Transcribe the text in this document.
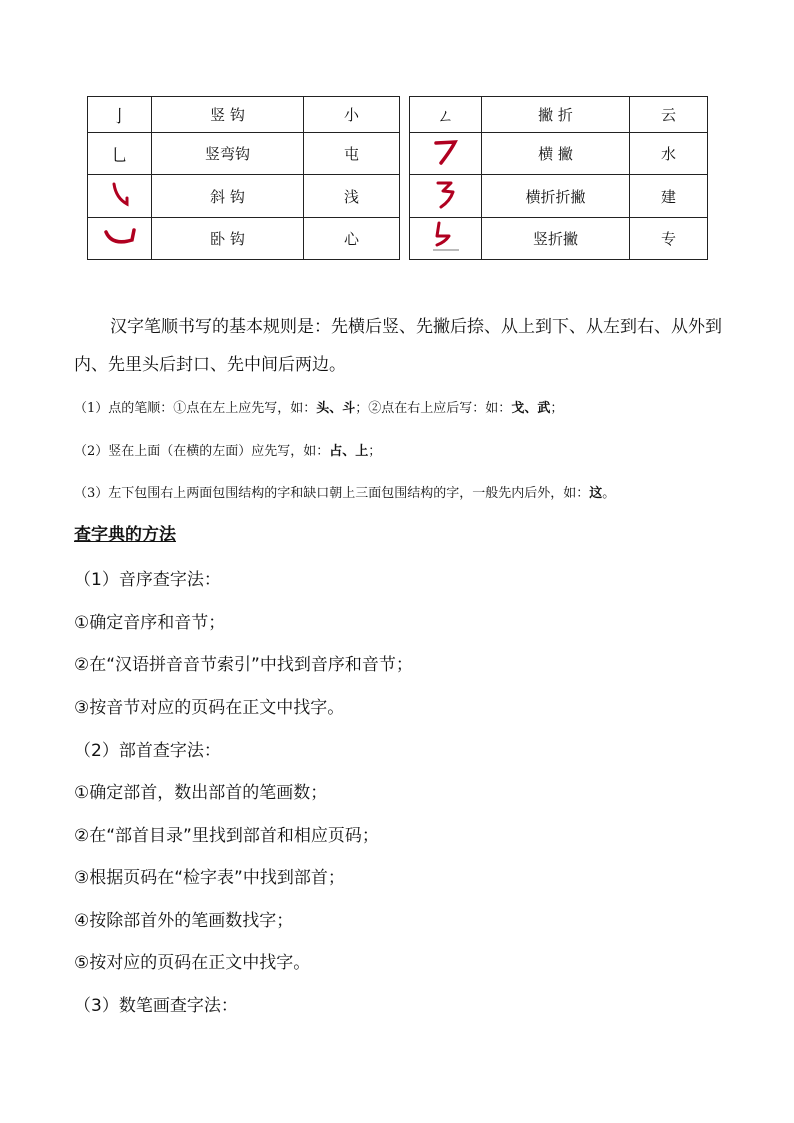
亅	竖 钩	小		ㄥ	撇 折	云
乚	竖弯钩	屯			横 撇	水

	斜 钩	浅			横折折撇	建

	卧 钩	心			竖折撇	专

汉字笔顺书写的基本规则是：先横后竖、先撇后捺、从上到下、从左到右、从外到内、先里头后封口、先中间后两边。

（1）点的笔顺：①点在左上应先写，如：头、斗；②点在右上应后写：如：戈、武；

（2）竖在上面（在横的左面）应先写，如：占、上；

（3）左下包围右上两面包围结构的字和缺口朝上三面包围结构的字，一般先内后外，如：这。

查字典的方法

（1）音序查字法：

①确定音序和音节；

②在“汉语拼音音节索引”中找到音序和音节；

③按音节对应的页码在正文中找字。

（2）部首查字法：

①确定部首，数出部首的笔画数；

②在“部首目录”里找到部首和相应页码；

③根据页码在“检字表”中找到部首；

④按除部首外的笔画数找字；

⑤按对应的页码在正文中找字。

（3）数笔画查字法：
